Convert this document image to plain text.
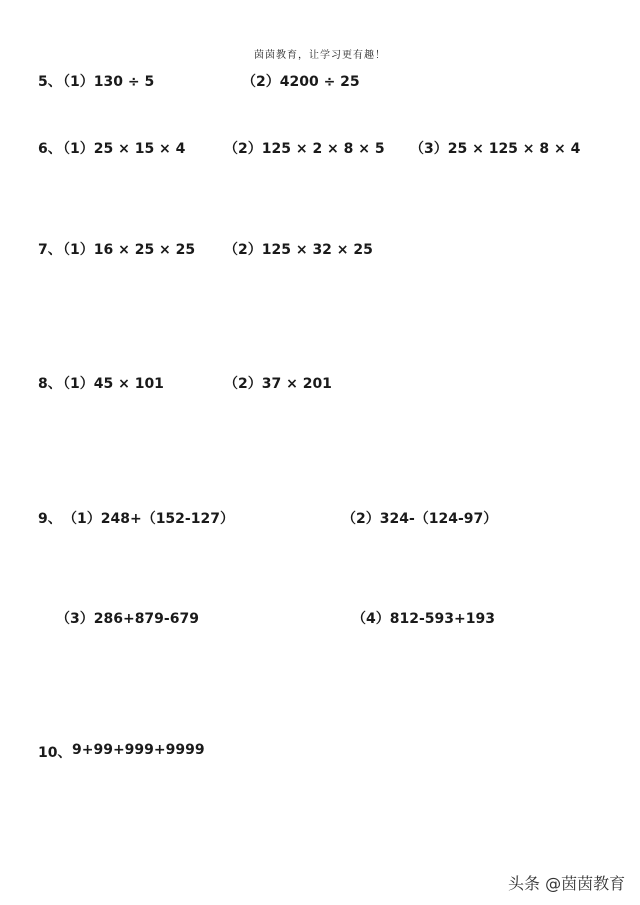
茵茵教育，让学习更有趣！
5、
（1）130 ÷ 5	（2）4200 ÷ 25
6、
（1）25 × 15 × 4	（2）125 × 2 × 8 × 5 （3）25 × 125 × 8 × 4
7、
（1）16 × 25 × 25 （2）125 × 32 × 25
8、
（1）45 × 101	（2）37 × 201
9、 （1）248+（152-127）	（2）324-（124-97）
（3）286+879-679	（4）812-593+193
10、 9+99+999+9999
头条 @茵茵教育
